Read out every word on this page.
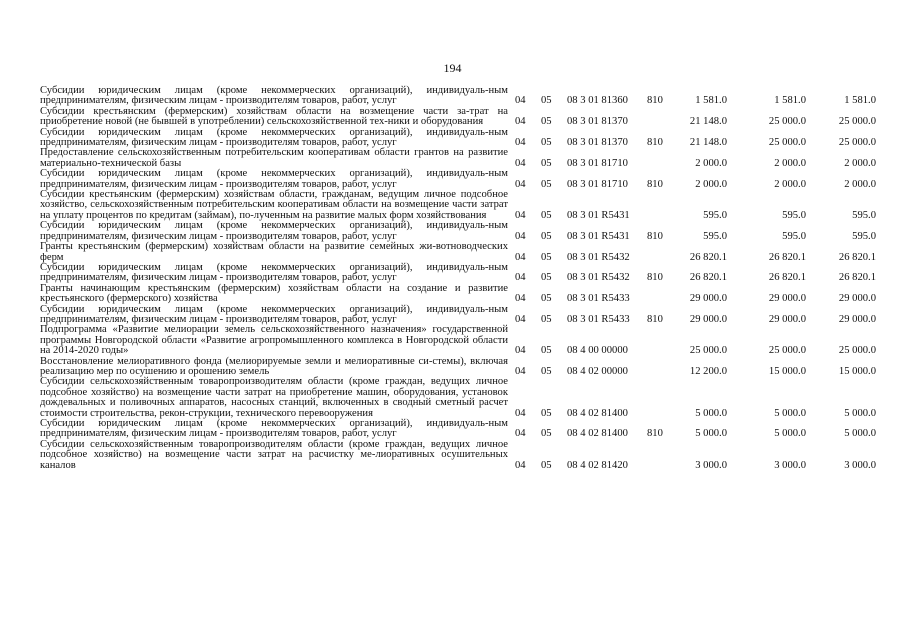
194
Субсидии юридическим лицам (кроме некоммерческих организаций), индивидуаль-ным предпринимателям, физическим лицам - производителям товаров, работ, услуг	04 05 08 3 01 81360 810	1 581.0	1 581.0	1 581.0
Субсидии крестьянским (фермерским) хозяйствам области на возмещение части за-трат на приобретение новой (не бывшей в употреблении) сельскохозяйственной тех-ники и оборудования	04 05 08 3 01 81370	21 148.0	25 000.0	25 000.0
Субсидии юридическим лицам (кроме некоммерческих организаций), индивидуаль-ным предпринимателям, физическим лицам - производителям товаров, работ, услуг	04 05 08 3 01 81370 810	21 148.0	25 000.0	25 000.0
Предоставление сельскохозяйственным потребительским кооперативам области грантов на развитие материально-технической базы	04 05 08 3 01 81710	2 000.0	2 000.0	2 000.0
Субсидии юридическим лицам (кроме некоммерческих организаций), индивидуаль-ным предпринимателям, физическим лицам - производителям товаров, работ, услуг	04 05 08 3 01 81710 810	2 000.0	2 000.0	2 000.0
Субсидии крестьянским (фермерским) хозяйствам области, гражданам, ведущим личное подсобное хозяйство, сельскохозяйственным потребительским кооперативам области на возмещение части затрат на уплату процентов по кредитам (займам), по-лученным на развитие малых форм хозяйствования	04 05 08 3 01 R5431	595.0	595.0	595.0
Субсидии юридическим лицам (кроме некоммерческих организаций), индивидуаль-ным предпринимателям, физическим лицам - производителям товаров, работ, услуг	04 05 08 3 01 R5431 810	595.0	595.0	595.0
Гранты крестьянским (фермерским) хозяйствам области на развитие семейных жи-вотноводческих ферм	04 05 08 3 01 R5432	26 820.1	26 820.1	26 820.1
Субсидии юридическим лицам (кроме некоммерческих организаций), индивидуаль-ным предпринимателям, физическим лицам - производителям товаров, работ, услуг	04 05 08 3 01 R5432 810	26 820.1	26 820.1	26 820.1
Гранты начинающим крестьянским (фермерским) хозяйствам области на создание и развитие крестьянского (фермерского) хозяйства	04 05 08 3 01 R5433	29 000.0	29 000.0	29 000.0
Субсидии юридическим лицам (кроме некоммерческих организаций), индивидуаль-ным предпринимателям, физическим лицам - производителям товаров, работ, услуг	04 05 08 3 01 R5433 810	29 000.0	29 000.0	29 000.0
Подпрограмма «Развитие мелиорации земель сельскохозяйственного назначения» государственной программы Новгородской области «Развитие агропромышленного комплекса в Новгородской области на 2014-2020 годы»	04 05 08 4 00 00000	25 000.0	25 000.0	25 000.0
Восстановление мелиоративного фонда (мелиорируемые земли и мелиоративные си-стемы), включая реализацию мер по осушению и орошению земель	04 05 08 4 02 00000	12 200.0	15 000.0	15 000.0
Субсидии сельскохозяйственным товаропроизводителям области (кроме граждан, ведущих личное подсобное хозяйство) на возмещение части затрат на приобретение машин, оборудования, установок дождевальных и поливочных аппаратов, насосных станций, включенных в сводный сметный расчет стоимости строительства, рекон-струкции, технического перевооружения	04 05 08 4 02 81400	5 000.0	5 000.0	5 000.0
Субсидии юридическим лицам (кроме некоммерческих организаций), индивидуаль-ным предпринимателям, физическим лицам - производителям товаров, работ, услуг	04 05 08 4 02 81400 810	5 000.0	5 000.0	5 000.0
Субсидии сельскохозяйственным товаропроизводителям области (кроме граждан, ведущих личное подсобное хозяйство) на возмещение части затрат на расчистку ме-лиоративных осушительных каналов	04 05 08 4 02 81420	3 000.0	3 000.0	3 000.0
